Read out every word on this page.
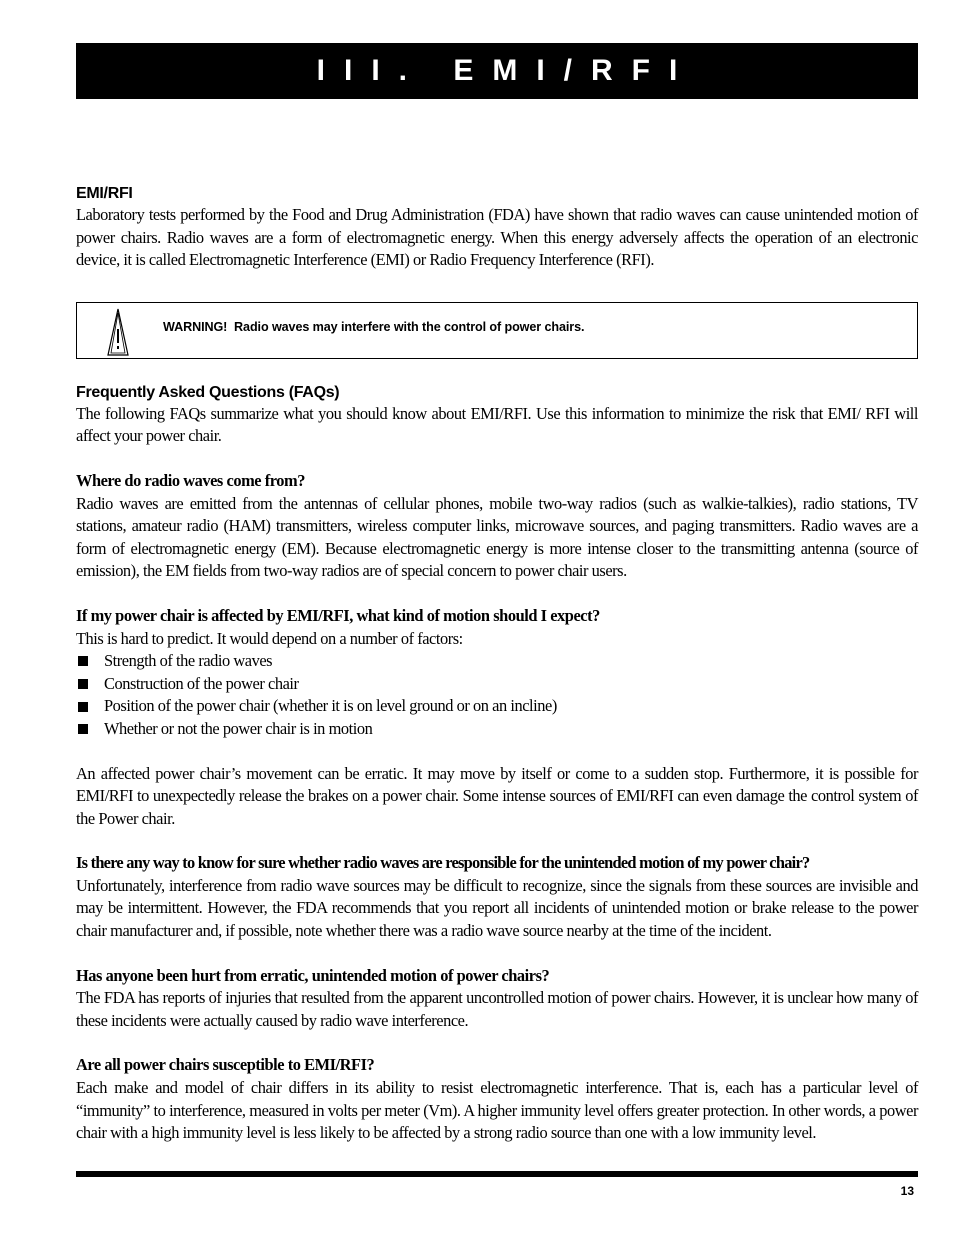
III. EMI/RFI
EMI/RFI

Laboratory tests performed by the Food and Drug Administration (FDA) have shown that radio waves can cause unintended motion of power chairs. Radio waves are a form of electromagnetic energy. When this energy adversely affects the operation of an electronic device, it is called Electromagnetic Interference (EMI) or Radio Frequency Interference (RFI).

WARNING!  Radio waves may interfere with the control of power chairs.
Frequently Asked Questions (FAQs)

The following FAQs summarize what you should know about EMI/RFI. Use this information to minimize the risk that EMI/ RFI will affect your power chair.

Where do radio waves come from?

Radio waves are emitted from the antennas of cellular phones, mobile two-way radios (such as walkie-talkies), radio stations, TV stations, amateur radio (HAM) transmitters, wireless computer links, microwave sources, and paging transmitters. Radio waves are a form of electromagnetic energy (EM). Because electromagnetic energy is more intense closer to the transmitting antenna (source of emission), the EM fields from two-way radios are of special concern to power chair users.

If my power chair is affected by EMI/RFI, what kind of motion should I expect?

This is hard to predict. It would depend on a number of factors:

Strength of the radio waves
Construction of the power chair
Position of the power chair (whether it is on level ground or on an incline)
Whether or not the power chair is in motion

An affected power chair’s movement can be erratic. It may move by itself or come to a sudden stop. Furthermore, it is possible for EMI/RFI to unexpectedly release the brakes on a power chair. Some intense sources of EMI/RFI can even damage the control system of the Power chair.

Is there any way to know for sure whether radio waves are responsible for the unintended motion of my power chair?

Unfortunately, interference from radio wave sources may be difficult to recognize, since the signals from these sources are invisible and may be intermittent. However, the FDA recommends that you report all incidents of unintended motion or brake release to the power chair manufacturer and, if possible, note whether there was a radio wave source nearby at the time of the incident.

Has anyone been hurt from erratic, unintended motion of power chairs?

The FDA has reports of injuries that resulted from the apparent uncontrolled motion of power chairs. However, it is unclear how many of these incidents were actually caused by radio wave interference.

Are all power chairs susceptible to EMI/RFI?

Each make and model of chair differs in its ability to resist electromagnetic interference. That is, each has a particular level of “immunity” to interference, measured in volts per meter (Vm). A higher immunity level offers greater protection. In other words, a power chair with a high immunity level is less likely to be affected by a strong radio source than one with a low immunity level.

13
